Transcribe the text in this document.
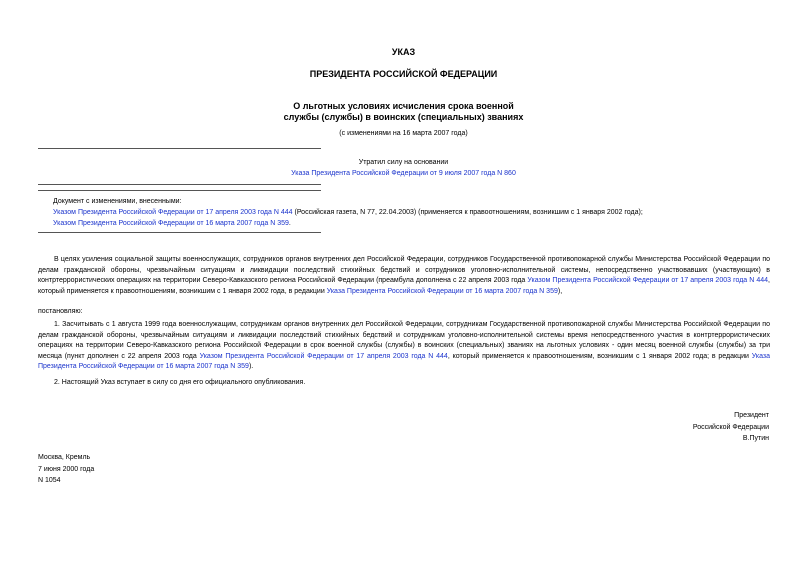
УКАЗ
ПРЕЗИДЕНТА РОССИЙСКОЙ ФЕДЕРАЦИИ
О льготных условиях исчисления срока военной
службы (службы) в воинских (специальных) званиях
(с изменениями на 16 марта 2007 года)
Утратил силу на основании
Указа Президента Российской Федерации от 9 июля 2007 года N 860
Документ с изменениями, внесенными:
Указом Президента Российской Федерации от 17 апреля 2003 года N 444 (Российская газета, N 77, 22.04.2003) (применяется к правоотношениям, возникшим с 1 января 2002 года);
Указом Президента Российской Федерации от 16 марта 2007 года N 359.

В целях усиления социальной защиты военнослужащих, сотрудников органов внутренних дел Российской Федерации, сотрудников Государственной противопожарной службы Министерства Российской Федерации по делам гражданской обороны, чрезвычайным ситуациям и ликвидации последствий стихийных бедствий и сотрудников уголовно-исполнительной системы, непосредственно участвовавших (участвующих) в контртеррористических операциях на территории Северо-Кавказского региона Российской Федерации (преамбула дополнена с 22 апреля 2003 года Указом Президента Российской Федерации от 17 апреля 2003 года N 444, который применяется к правоотношениям, возникшим с 1 января 2002 года, в редакции Указа Президента Российской Федерации от 16 марта 2007 года N 359),

постановляю:

1. Засчитывать с 1 августа 1999 года военнослужащим, сотрудникам органов внутренних дел Российской Федерации, сотрудникам Государственной противопожарной службы Министерства Российской Федерации по делам гражданской обороны, чрезвычайным ситуациям и ликвидации последствий стихийных бедствий и сотрудникам уголовно-исполнительной системы время непосредственного участия в контртеррористических операциях на территории Северо-Кавказского региона Российской Федерации в срок военной службы (службы) в воинских (специальных) званиях на льготных условиях - один месяц военной службы (службы) за три месяца (пункт дополнен с 22 апреля 2003 года Указом Президента Российской Федерации от 17 апреля 2003 года N 444, который применяется к правоотношениям, возникшим с 1 января 2002 года; в редакции Указа Президента Российской Федерации от 16 марта 2007 года N 359).

2. Настоящий Указ вступает в силу со дня его официального опубликования.

Президент
Российской Федерации
В.Путин
Москва, Кремль
7 июня 2000 года
N 1054
